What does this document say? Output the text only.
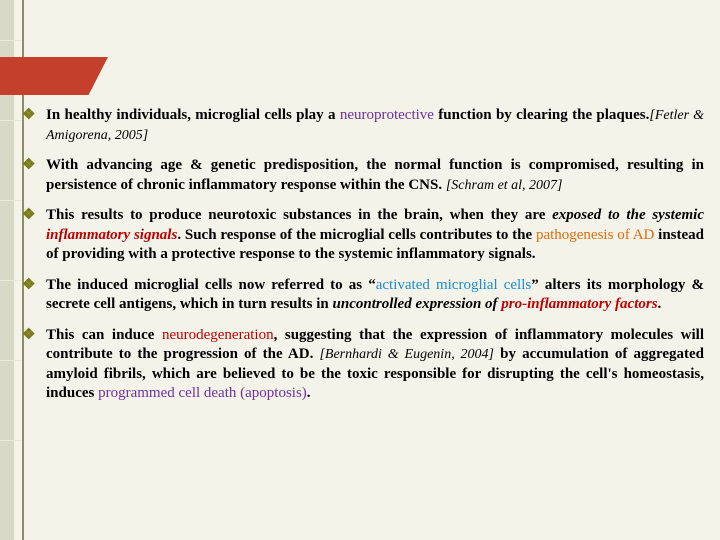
❖ In healthy individuals, microglial cells play a neuroprotective function by clearing the plaques.[Fetler & Amigorena, 2005]
❖ With advancing age & genetic predisposition, the normal function is compromised, resulting in persistence of chronic inflammatory response within the CNS. [Schram et al, 2007]
❖ This results to produce neurotoxic substances in the brain, when they are exposed to the systemic inflammatory signals. Such response of the microglial cells contributes to the pathogenesis of AD instead of providing with a protective response to the systemic inflammatory signals.
❖ The induced microglial cells now referred to as “activated microglial cells” alters its morphology & secrete cell antigens, which in turn results in uncontrolled expression of pro-inflammatory factors.
❖ This can induce neurodegeneration, suggesting that the expression of inflammatory molecules will contribute to the progression of the AD. [Bernhardi & Eugenin, 2004] by accumulation of aggregated amyloid fibrils, which are believed to be the toxic responsible for disrupting the cell's homeostasis, induces programmed cell death (apoptosis).
